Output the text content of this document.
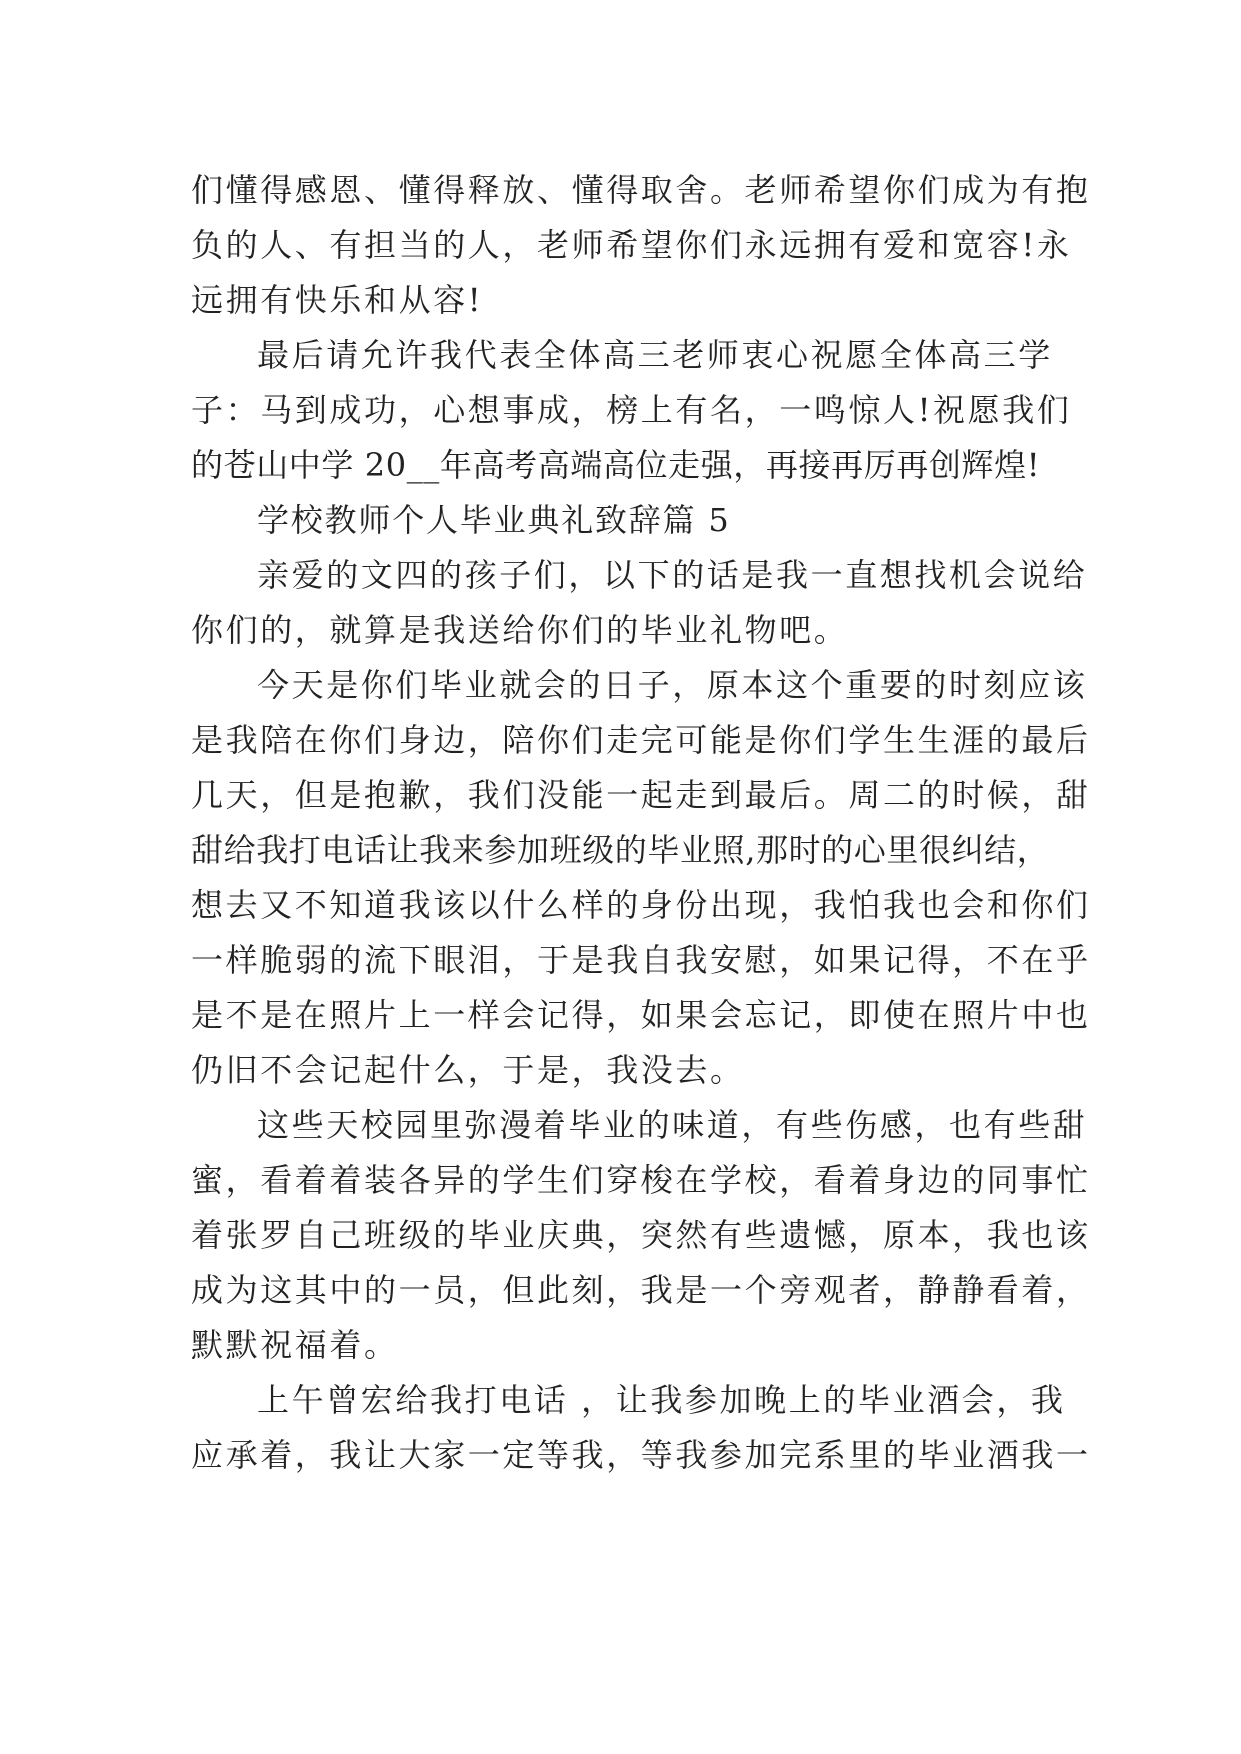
们懂得感恩、懂得释放、懂得取舍。老师希望你们成为有抱
负的人、有担当的人，老师希望你们永远拥有爱和宽容!永
远拥有快乐和从容!
最后请允许我代表全体高三老师衷心祝愿全体高三学
子：马到成功，心想事成，榜上有名，一鸣惊人!祝愿我们
的苍山中学 20__年高考高端高位走强，再接再厉再创辉煌!
学校教师个人毕业典礼致辞篇 5
亲爱的文四的孩子们，以下的话是我一直想找机会说给
你们的，就算是我送给你们的毕业礼物吧。
今天是你们毕业就会的日子，原本这个重要的时刻应该
是我陪在你们身边，陪你们走完可能是你们学生生涯的最后
几天，但是抱歉，我们没能一起走到最后。周二的时候，甜
甜给我打电话让我来参加班级的毕业照,那时的心里很纠结，
想去又不知道我该以什么样的身份出现，我怕我也会和你们
一样脆弱的流下眼泪，于是我自我安慰，如果记得，不在乎
是不是在照片上一样会记得，如果会忘记，即使在照片中也
仍旧不会记起什么，于是，我没去。
这些天校园里弥漫着毕业的味道，有些伤感，也有些甜
蜜，看着着装各异的学生们穿梭在学校，看着身边的同事忙
着张罗自己班级的毕业庆典，突然有些遗憾，原本，我也该
成为这其中的一员，但此刻，我是一个旁观者，静静看着，
默默祝福着。
上午曾宏给我打电话 ，让我参加晚上的毕业酒会，我
应承着，我让大家一定等我，等我参加完系里的毕业酒我一
